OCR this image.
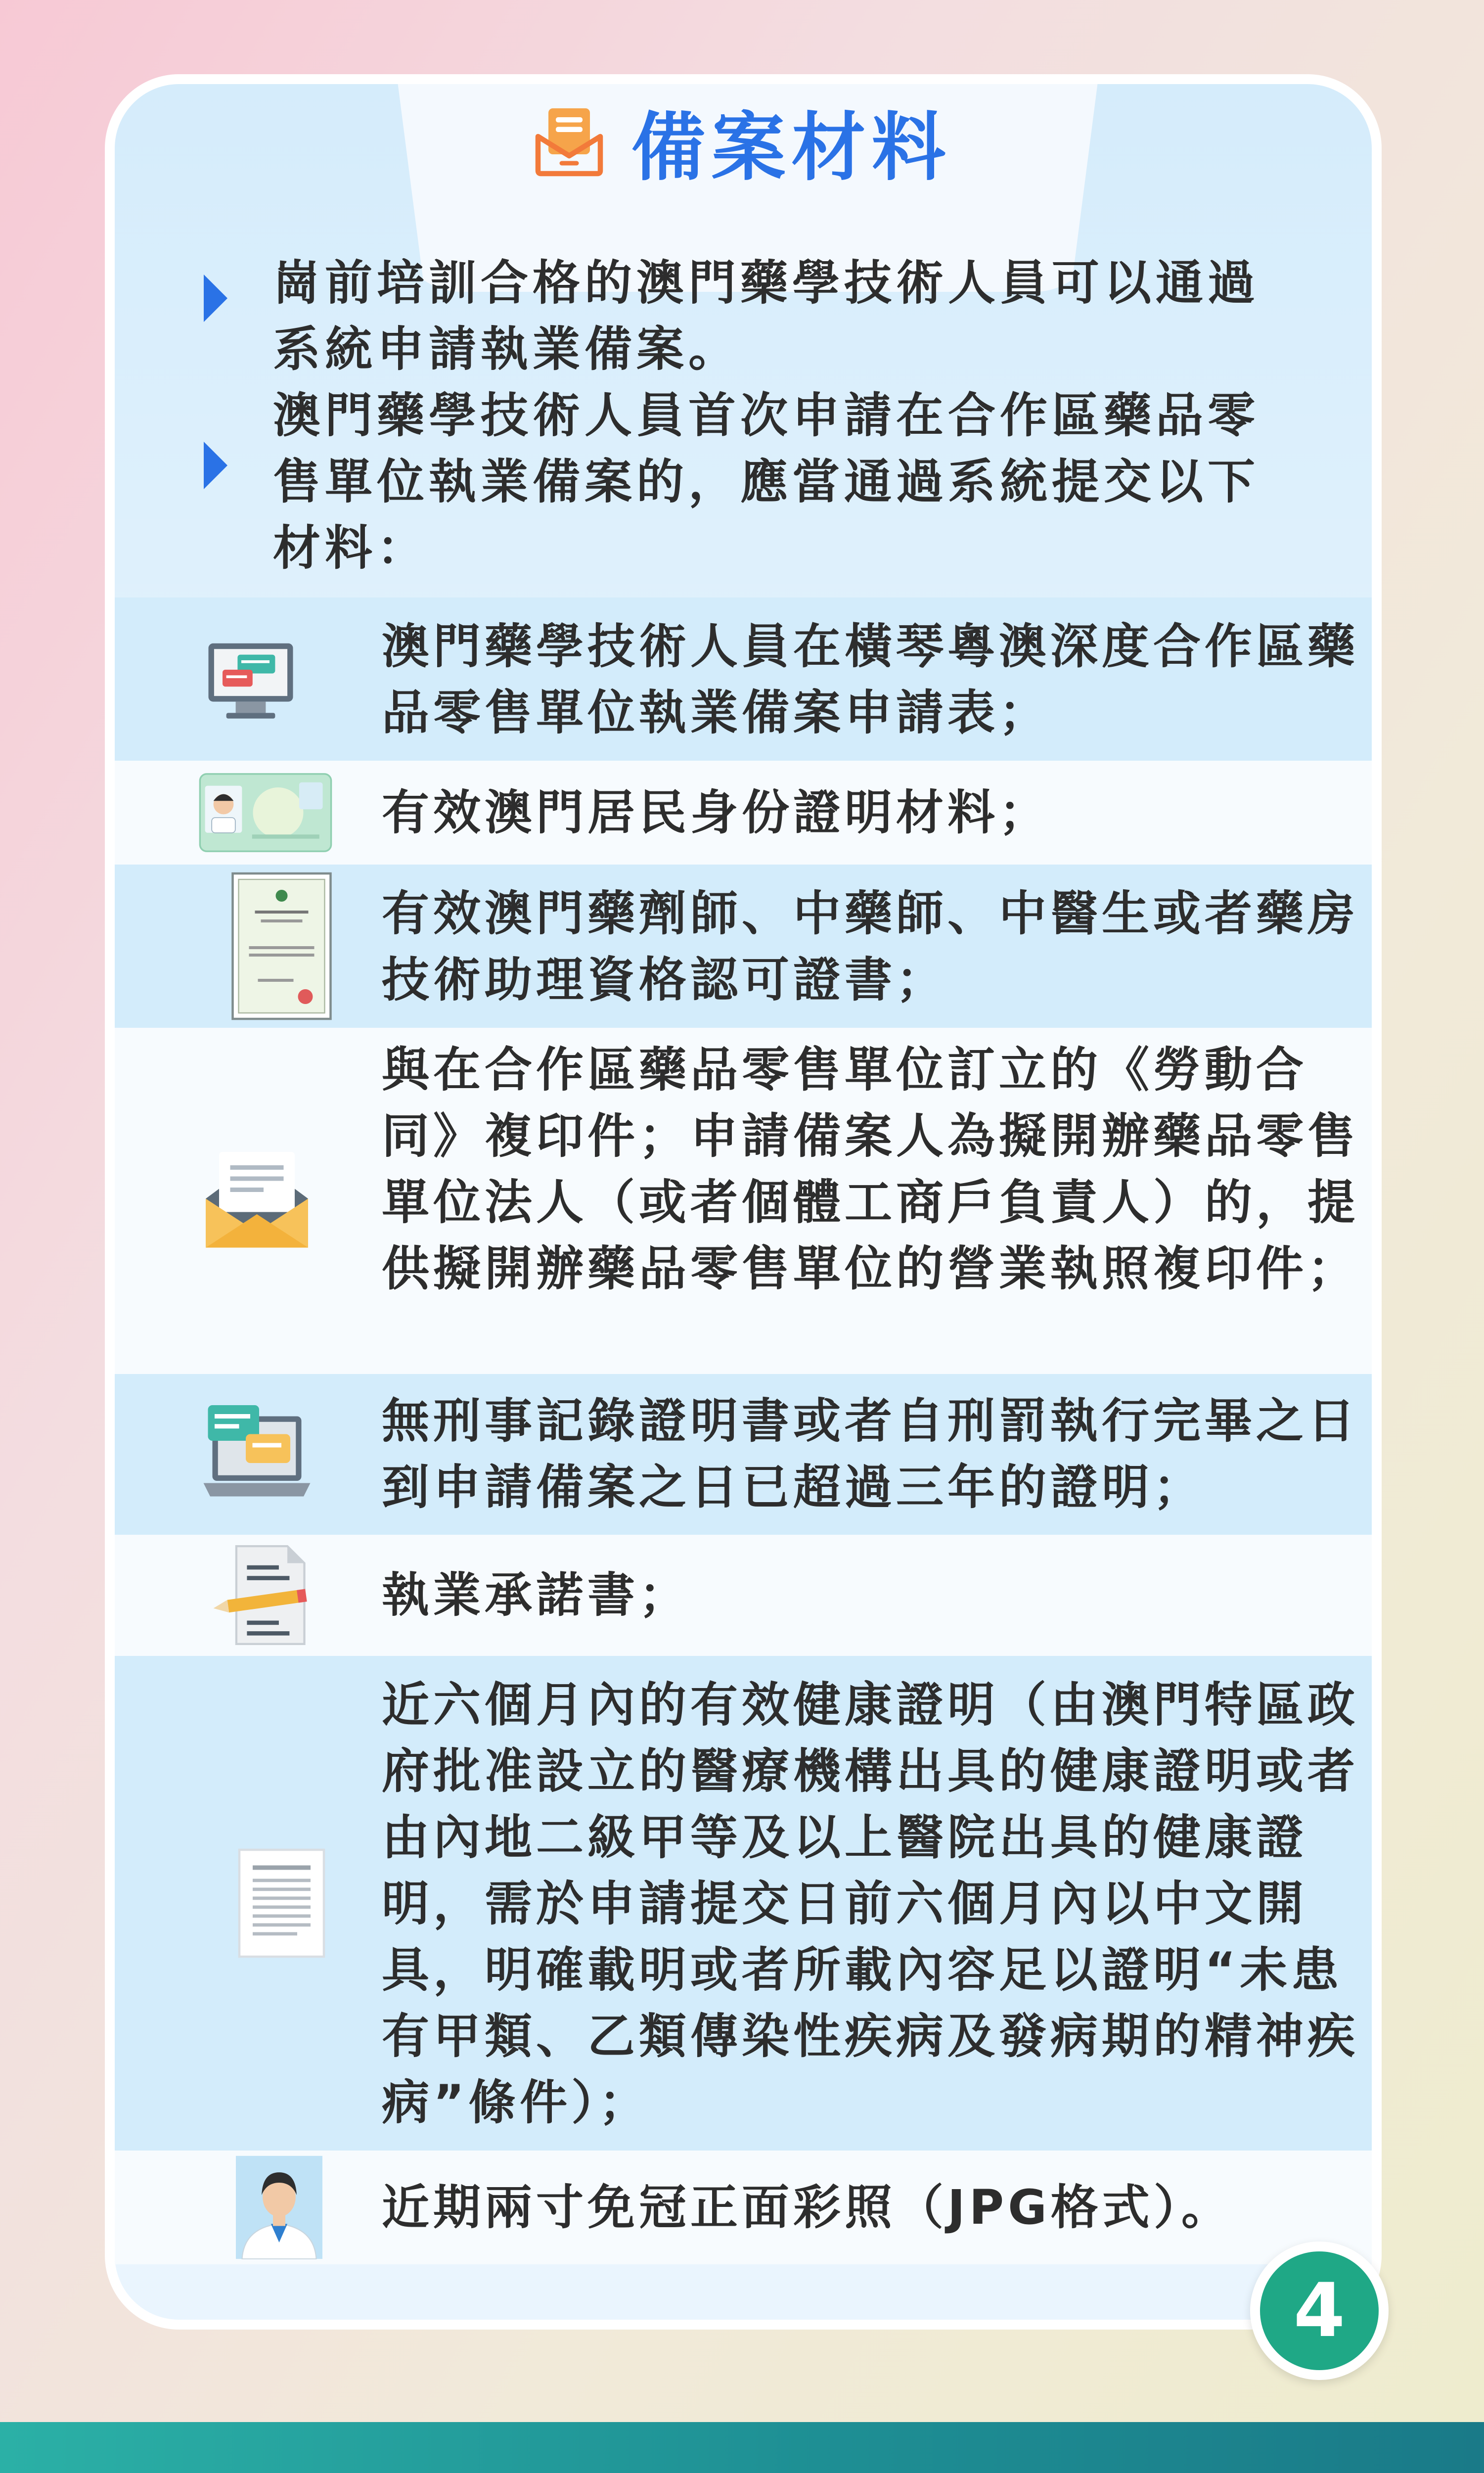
備案材料
崗前培訓合格的澳門藥學技術人員可以通過系統申請執業備案。
澳門藥學技術人員首次申請在合作區藥品零售單位執業備案的，應當通過系統提交以下材料：
澳門藥學技術人員在橫琴粵澳深度合作區藥品零售單位執業備案申請表；
有效澳門居民身份證明材料；
有效澳門藥劑師、中藥師、中醫生或者藥房技術助理資格認可證書；
與在合作區藥品零售單位訂立的《勞動合同》複印件；申請備案人為擬開辦藥品零售單位法人（或者個體工商戶負責人）的，提供擬開辦藥品零售單位的營業執照複印件；
無刑事記錄證明書或者自刑罰執行完畢之日到申請備案之日已超過三年的證明；
執業承諾書；
近六個月內的有效健康證明（由澳門特區政府批准設立的醫療機構出具的健康證明或者由內地二級甲等及以上醫院出具的健康證明，需於申請提交日前六個月內以中文開具，明確載明或者所載內容足以證明“未患有甲類、乙類傳染性疾病及發病期的精神疾病”條件）；
近期兩寸免冠正面彩照（JPG格式）。
4
